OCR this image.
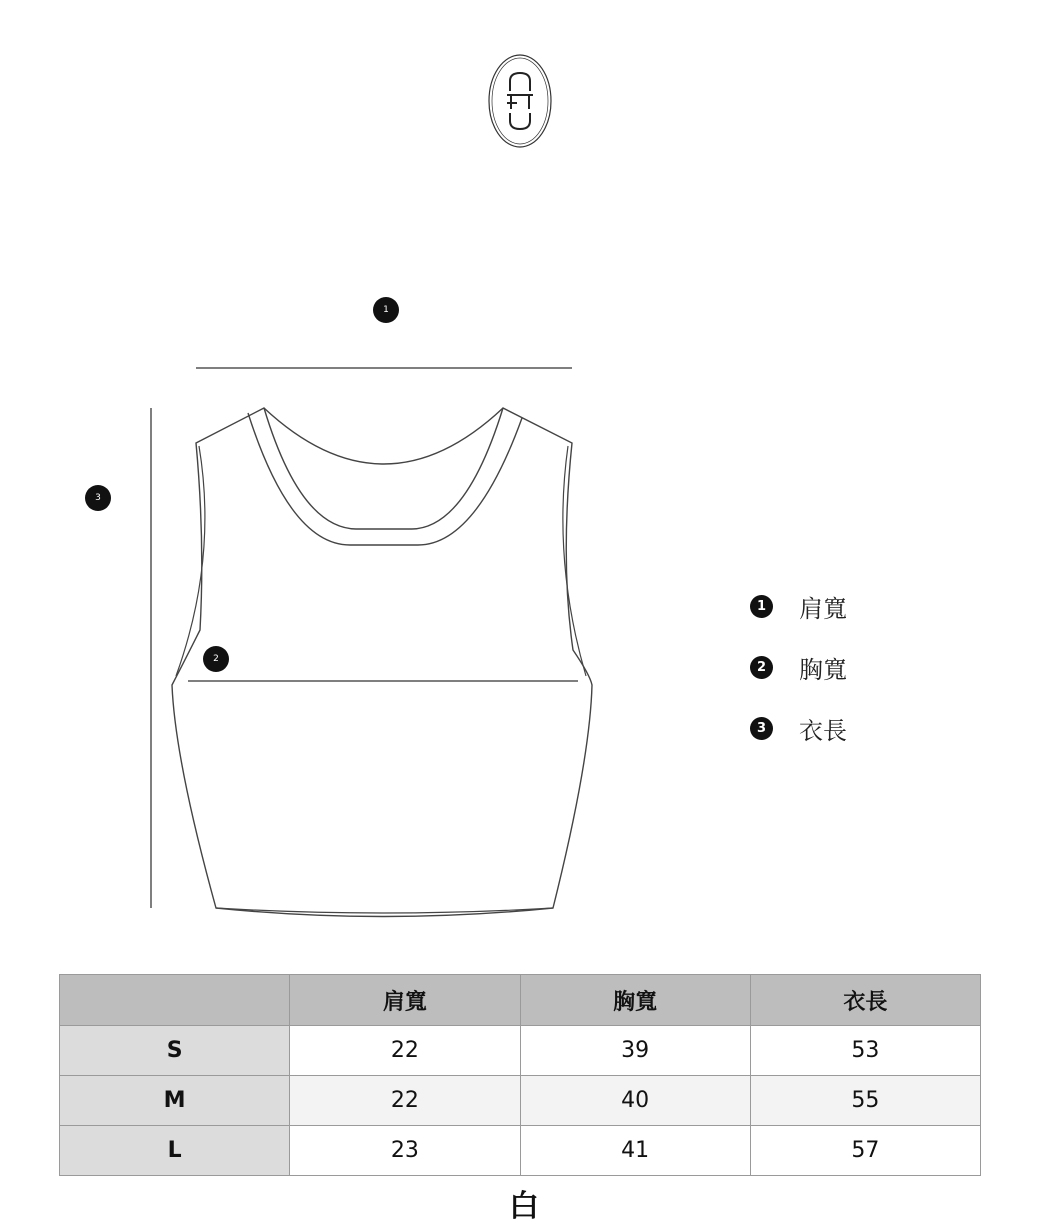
1
3
2
1 肩寬
2 胸寬
3 衣長
	肩寬	胸寬	衣長
S	22	39	53
M	22	40	55
L	23	41	57
白
